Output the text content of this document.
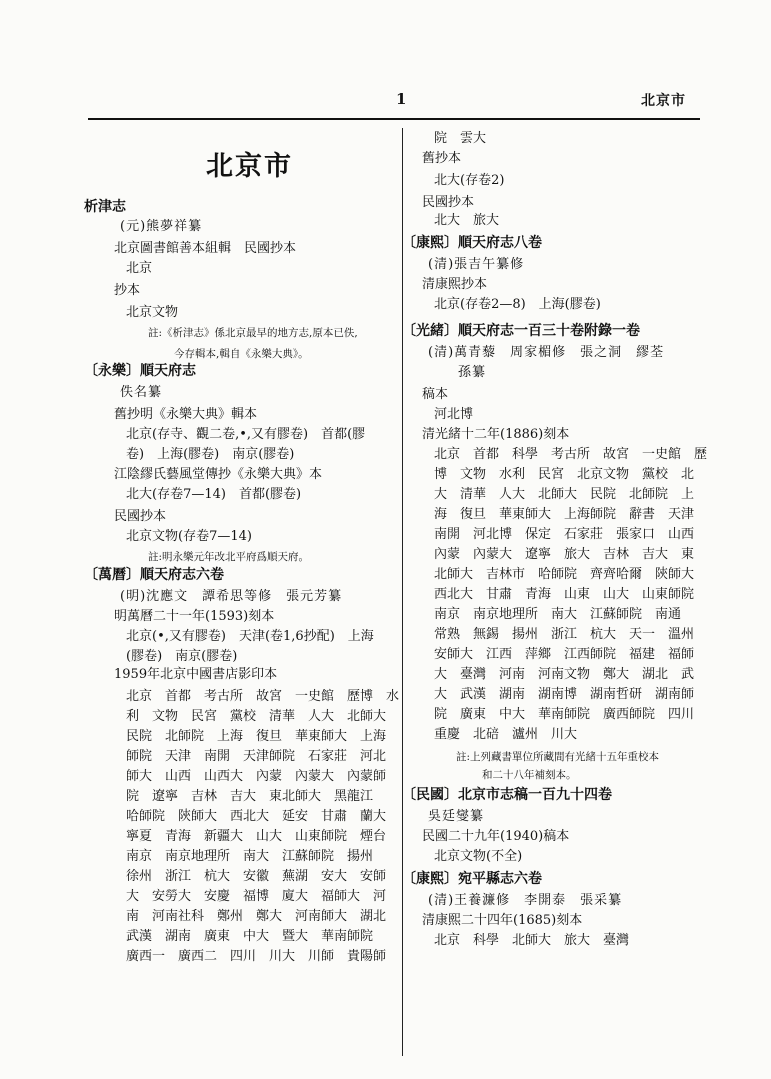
1	北京市
北京市
析津志
(元)熊夢祥纂
北京圖書館善本組輯　民國抄本
北京
抄本
北京文物
註:《析津志》係北京最早的地方志,原本已佚,
今存輯本,輯自《永樂大典》。
〔永樂〕順天府志
佚名纂
舊抄明《永樂大典》輯本
北京(存寺、觀二卷,•,又有膠卷)　首都(膠
卷)　上海(膠卷)　南京(膠卷)
江陰繆氏藝風堂傳抄《永樂大典》本
北大(存卷7—14)　首都(膠卷)
民國抄本
北京文物(存卷7—14)
註:明永樂元年改北平府爲順天府。
〔萬曆〕順天府志六卷
(明)沈應文　譚希思等修　張元芳纂
明萬曆二十一年(1593)刻本
北京(•,又有膠卷)　天津(卷1,6抄配)　上海
(膠卷)　南京(膠卷)
1959年北京中國書店影印本
北京　首都　考古所　故宮　一史館　歷博　水
利　文物　民宮　黨校　清華　人大　北師大
民院　北師院　上海　復旦　華東師大　上海
師院　天津　南開　天津師院　石家莊　河北
師大　山西　山西大　內蒙　內蒙大　內蒙師
院　遼寧　吉林　吉大　東北師大　黑龍江
哈師院　陝師大　西北大　延安　甘肅　蘭大
寧夏　青海　新疆大　山大　山東師院　煙台
南京　南京地理所　南大　江蘇師院　揚州
徐州　浙江　杭大　安徽　蕪湖　安大　安師
大　安勞大　安慶　福博　廈大　福師大　河
南　河南社科　鄭州　鄭大　河南師大　湖北
武漢　湖南　廣東　中大　暨大　華南師院
廣西一　廣西二　四川　川大　川師　貴陽師
院　雲大
舊抄本
北大(存卷2)
民國抄本
北大　旅大
〔康熙〕順天府志八卷
(清)張吉午纂修
清康熙抄本
北京(存卷2—8)　上海(膠卷)
〔光緒〕順天府志一百三十卷附錄一卷
(清)萬青藜　周家楣修　張之洞　繆荃
孫纂
稿本
河北博
清光緒十二年(1886)刻本
北京　首都　科學　考古所　故宮　一史館　歷
博　文物　水利　民宮　北京文物　黨校　北
大　清華　人大　北師大　民院　北師院　上
海　復旦　華東師大　上海師院　辭書　天津
南開　河北博　保定　石家莊　張家口　山西
內蒙　內蒙大　遼寧　旅大　吉林　吉大　東
北師大　吉林市　哈師院　齊齊哈爾　陝師大
西北大　甘肅　青海　山東　山大　山東師院
南京　南京地理所　南大　江蘇師院　南通
常熟　無錫　揚州　浙江　杭大　天一　溫州
安師大　江西　萍鄉　江西師院　福建　福師
大　臺灣　河南　河南文物　鄭大　湖北　武
大　武漢　湖南　湖南博　湖南哲研　湖南師
院　廣東　中大　華南師院　廣西師院　四川
重慶　北碚　瀘州　川大
註:上列藏書單位所藏間有光緒十五年重校本
和二十八年補刻本。
〔民國〕北京市志稿一百九十四卷
吳廷燮纂
民國二十九年(1940)稿本
北京文物(不全)
〔康熙〕宛平縣志六卷
(清)王養濂修　李開泰　張采纂
清康熙二十四年(1685)刻本
北京　科學　北師大　旅大　臺灣
